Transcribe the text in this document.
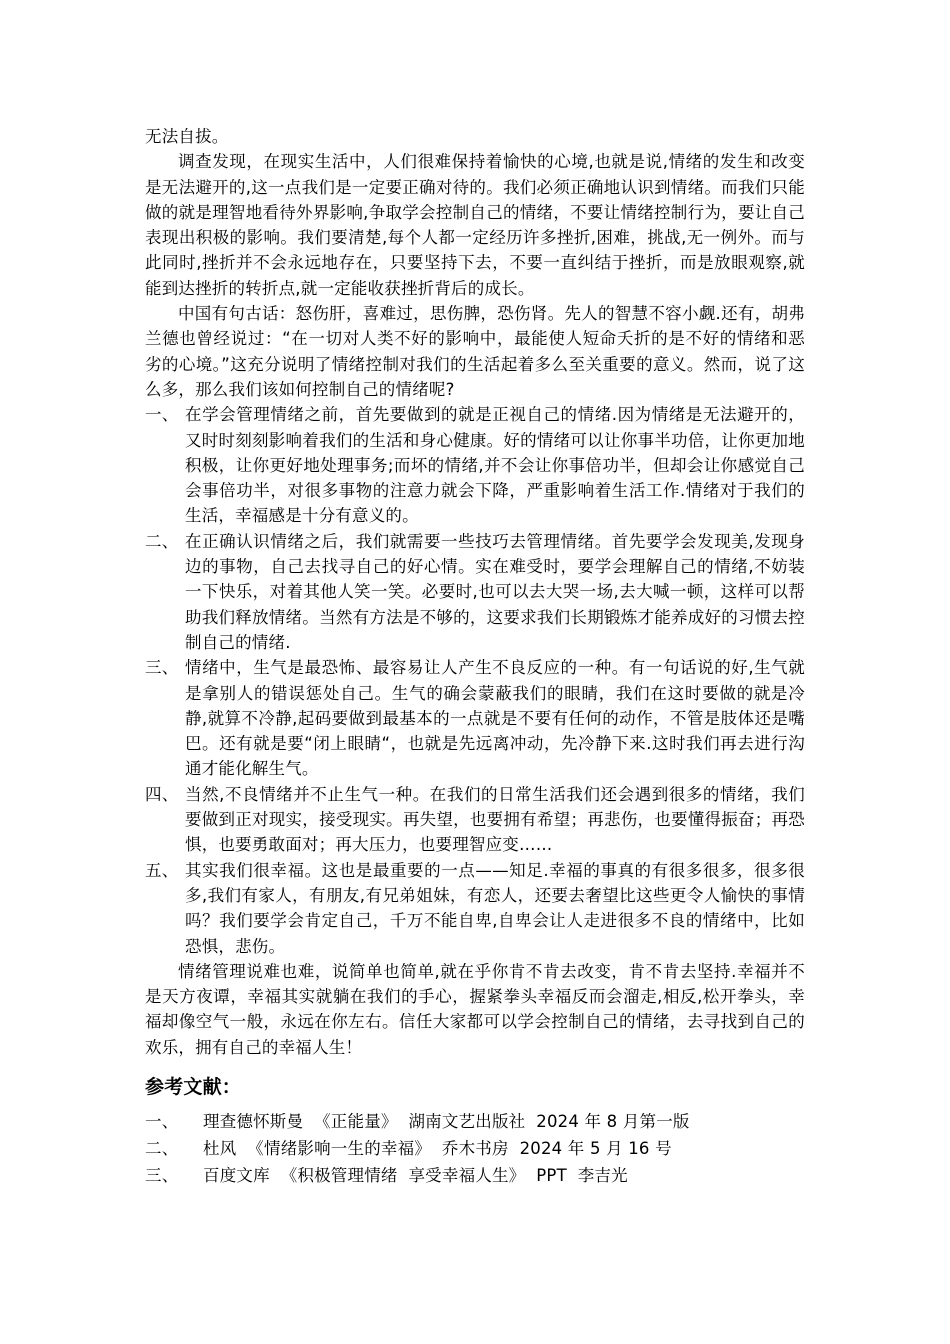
无法自拔。

调查发现，在现实生活中，人们很难保持着愉快的心境,也就是说,情绪的发生和改变是无法避开的,这一点我们是一定要正确对待的。我们必须正确地认识到情绪。而我们只能做的就是理智地看待外界影响,争取学会控制自己的情绪，不要让情绪控制行为，要让自己表现出积极的影响。我们要清楚,每个人都一定经历许多挫折,困难，挑战,无一例外。而与此同时,挫折并不会永远地存在，只要坚持下去，不要一直纠结于挫折，而是放眼观察,就能到达挫折的转折点,就一定能收获挫折背后的成长。

中国有句古话：怒伤肝，喜难过，思伤脾，恐伤肾。先人的智慧不容小觑.还有，胡弗兰德也曾经说过：“在一切对人类不好的影响中，最能使人短命夭折的是不好的情绪和恶劣的心境。”这充分说明了情绪控制对我们的生活起着多么至关重要的意义。然而，说了这么多，那么我们该如何控制自己的情绪呢?

一、 在学会管理情绪之前，首先要做到的就是正视自己的情绪.因为情绪是无法避开的，又时时刻刻影响着我们的生活和身心健康。好的情绪可以让你事半功倍，让你更加地积极，让你更好地处理事务;而坏的情绪,并不会让你事倍功半，但却会让你感觉自己会事倍功半，对很多事物的注意力就会下降，严重影响着生活工作.情绪对于我们的生活，幸福感是十分有意义的。
二、 在正确认识情绪之后，我们就需要一些技巧去管理情绪。首先要学会发现美,发现身边的事物，自己去找寻自己的好心情。实在难受时，要学会理解自己的情绪,不妨装一下快乐，对着其他人笑一笑。必要时,也可以去大哭一场,去大喊一顿，这样可以帮助我们释放情绪。当然有方法是不够的，这要求我们长期锻炼才能养成好的习惯去控制自己的情绪.
三、 情绪中，生气是最恐怖、最容易让人产生不良反应的一种。有一句话说的好,生气就是拿别人的错误惩处自己。生气的确会蒙蔽我们的眼睛，我们在这时要做的就是冷静,就算不冷静,起码要做到最基本的一点就是不要有任何的动作，不管是肢体还是嘴巴。还有就是要“闭上眼睛“，也就是先远离冲动，先冷静下来.这时我们再去进行沟通才能化解生气。
四、 当然,不良情绪并不止生气一种。在我们的日常生活我们还会遇到很多的情绪，我们要做到正对现实，接受现实。再失望，也要拥有希望；再悲伤，也要懂得振奋；再恐惧，也要勇敢面对；再大压力，也要理智应变……
五、 其实我们很幸福。这也是最重要的一点——知足.幸福的事真的有很多很多，很多很多,我们有家人，有朋友,有兄弟姐妹，有恋人，还要去奢望比这些更令人愉快的事情吗？我们要学会肯定自己，千万不能自卑,自卑会让人走进很多不良的情绪中，比如恐惧，悲伤。

情绪管理说难也难，说简单也简单,就在乎你肯不肯去改变，肯不肯去坚持.幸福并不是天方夜谭，幸福其实就躺在我们的手心，握紧拳头幸福反而会溜走,相反,松开拳头，幸福却像空气一般，永远在你左右。信任大家都可以学会控制自己的情绪，去寻找到自己的欢乐，拥有自己的幸福人生！

参考文献：
一、	理查德怀斯曼  《正能量》  湖南文艺出版社  2024 年 8 月第一版
二、	杜风  《情绪影响一生的幸福》  乔木书房  2024 年 5 月 16 号
三、	百度文库  《积极管理情绪  享受幸福人生》  PPT  李吉光
